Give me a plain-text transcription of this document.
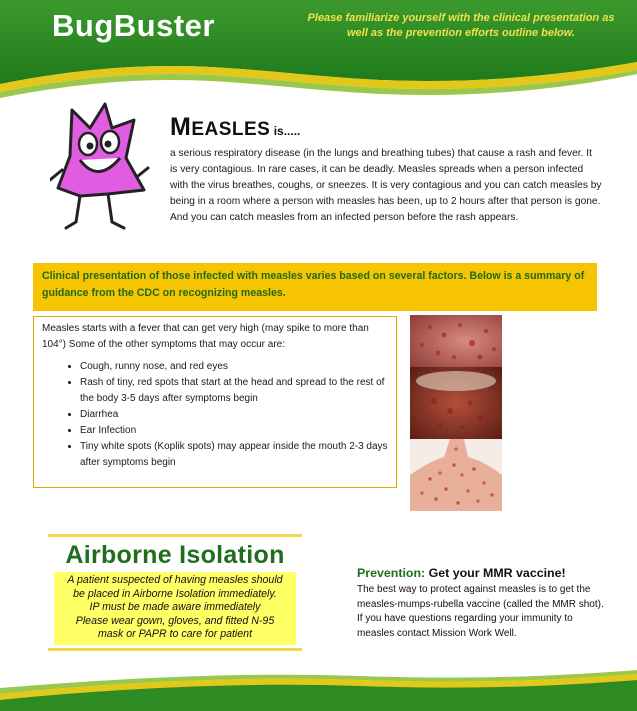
BugBuster	Please familiarize yourself with the clinical presentation as well as the prevention efforts outline below.
MEASLES is.....
a serious respiratory disease (in the lungs and breathing tubes) that cause a rash and fever. It is very contagious. In rare cases, it can be deadly. Measles spreads when a person infected with the virus breathes, coughs, or sneezes. It is very contagious and you can catch measles by being in a room where a person with measles has been, up to 2 hours after that person is gone. And you can catch measles from an infected person before the rash appears.

Clinical presentation of those infected with measles varies based on several factors. Below is a summary of guidance from the CDC on recognizing measles.

Measles starts with a fever that can get very high (may spike to more than 104°) Some of the other symptoms that may occur are:

• Cough, runny nose, and red eyes
• Rash of tiny, red spots that start at the head and spread to the rest of the body 3-5 days after symptoms begin
• Diarrhea
• Ear Infection
• Tiny white spots (Koplik spots) may appear inside the mouth 2-3 days after symptoms begin
Airborne Isolation
A patient suspected of having measles should
be placed in Airborne Isolation immediately.
IP must be made aware immediately
Please wear gown, gloves, and fitted N-95
mask or PAPR to care for patient
Prevention: Get your MMR vaccine!
The best way to protect against measles is to get the measles-mumps-rubella vaccine (called the MMR shot). If you have questions regarding your immunity to measles contact Mission Work Well.
